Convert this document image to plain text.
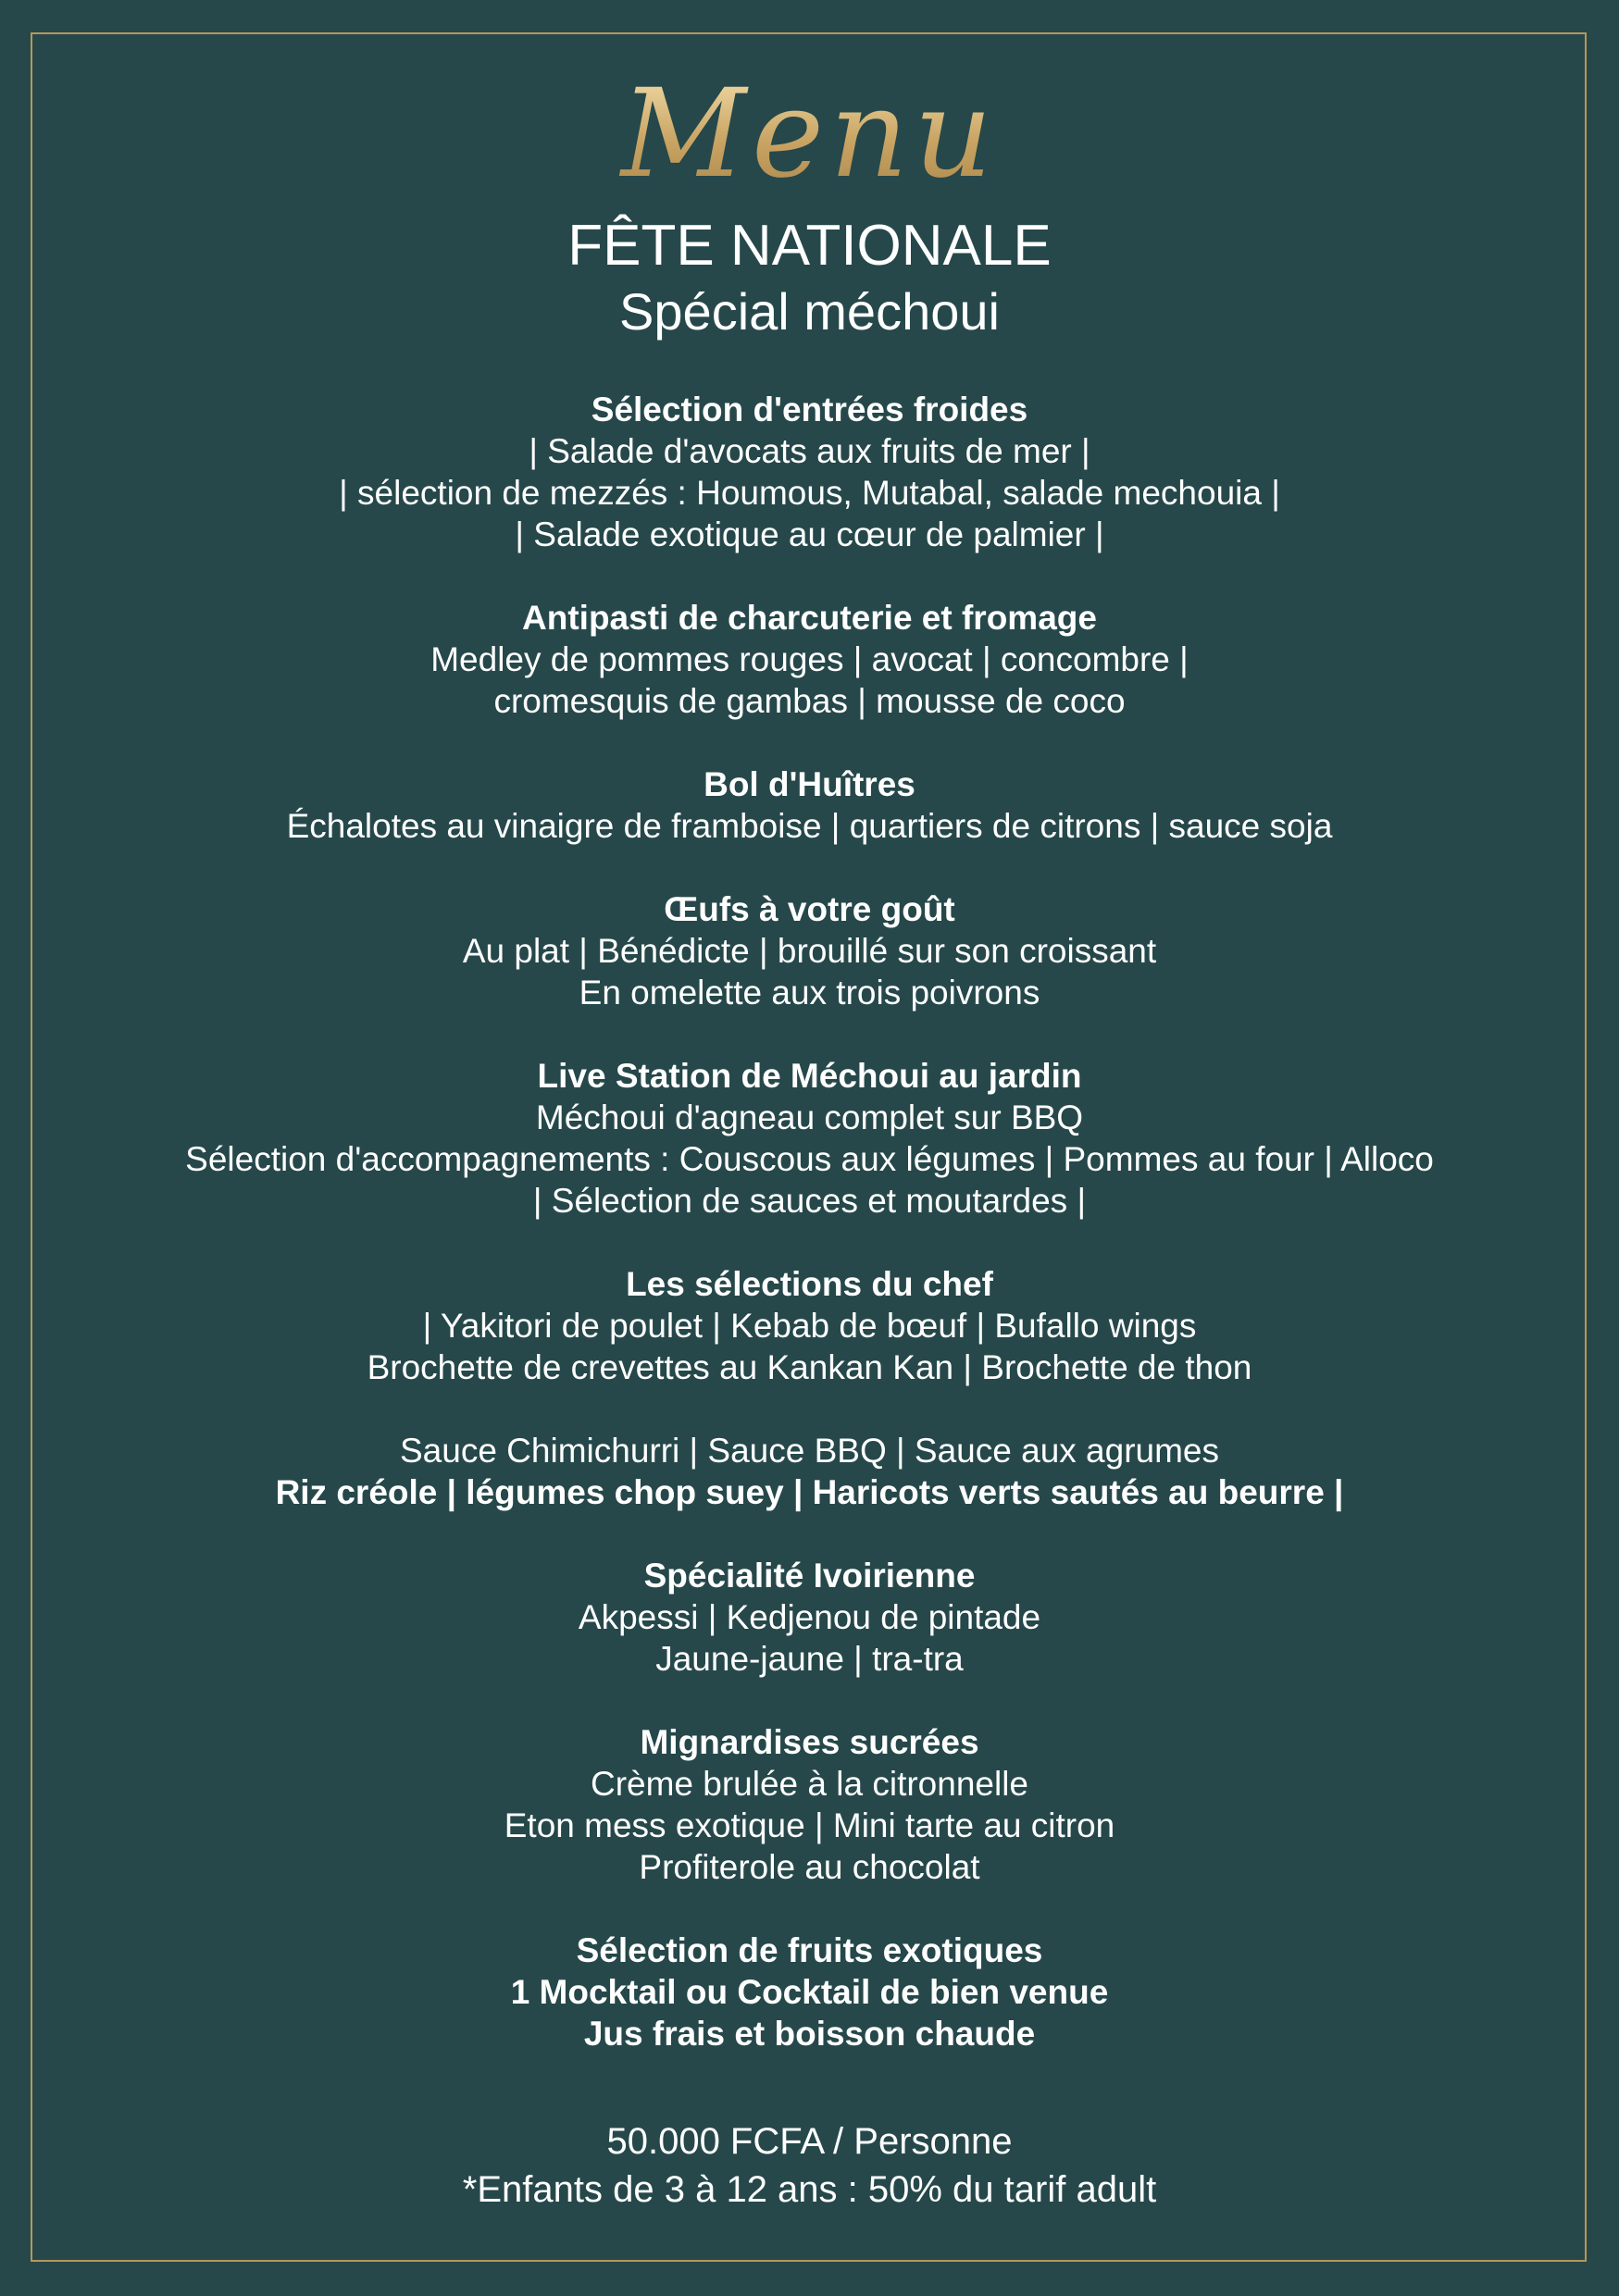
Menu
FÊTE NATIONALE
Spécial méchoui
Sélection d'entrées froides
| Salade d'avocats aux fruits de mer |
| sélection de mezzés : Houmous, Mutabal, salade mechouia |
| Salade exotique au cœur de palmier |
Antipasti de charcuterie et fromage
Medley de pommes rouges | avocat | concombre |
cromesquis de gambas | mousse de coco
Bol d'Huîtres
Échalotes au vinaigre de framboise | quartiers de citrons | sauce soja
Œufs à votre goût
Au plat | Bénédicte | brouillé sur son croissant
En omelette aux trois poivrons
Live Station de Méchoui au jardin
Méchoui d'agneau complet sur BBQ
Sélection d'accompagnements : Couscous aux légumes | Pommes au four | Alloco
| Sélection de sauces et moutardes |
Les sélections du chef
| Yakitori de poulet | Kebab de bœuf | Bufallo wings
Brochette de crevettes au Kankan Kan | Brochette de thon
Sauce Chimichurri | Sauce BBQ | Sauce aux agrumes
Riz créole | légumes chop suey | Haricots verts sautés au beurre |
Spécialité Ivoirienne
Akpessi | Kedjenou de pintade
Jaune-jaune | tra-tra
Mignardises sucrées
Crème brulée à la citronnelle
Eton mess exotique | Mini tarte au citron
Profiterole au chocolat
Sélection de fruits exotiques
1 Mocktail ou Cocktail de bien venue
Jus frais et boisson chaude
50.000 FCFA / Personne
*Enfants de 3 à 12 ans : 50% du tarif adult
